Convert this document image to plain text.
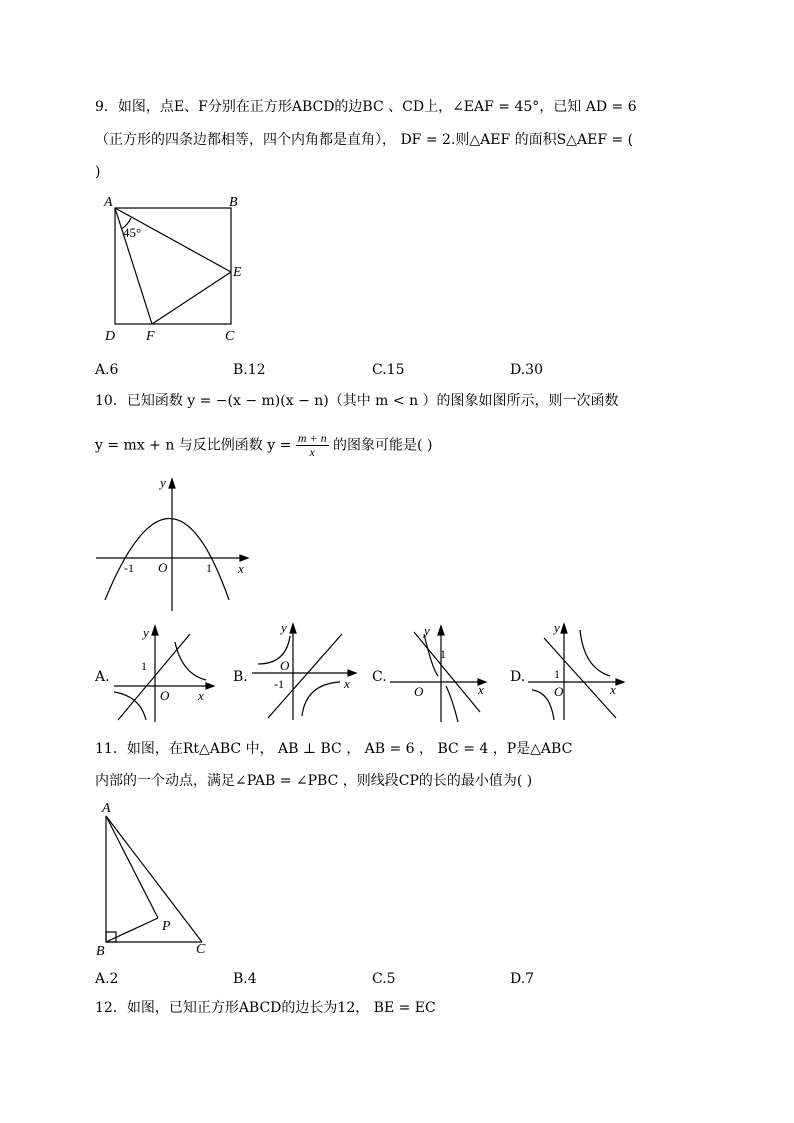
9．如图，点E、F分别在正方形ABCD的边BC 、CD上，∠EAF = 45°，已知 AD = 6
（正方形的四条边都相等，四个内角都是直角）， DF = 2.则△AEF 的面积S△AEF = (
)
A	B
E
D F	C
45°
A.6	B.12	C.15	D.30
10．已知函数 y = −(x − m)(x − n)（其中 m < n ）的图象如图所示，则一次函数
y = mx + n 与反比例函数 $y = \frac{m + n}{x}$ 的图象可能是( )
y
x
O
-1	1
A.
y
x
O
1
B.
y
x
O
-1	C.
y
x
O
1
D.
y
x
O
1
11．如图，在Rt△ABC 中， AB ⊥ BC ， AB = 6 ， BC = 4 ，P是△ABC
内部的一个动点，满足∠PAB = ∠PBC ，则线段CP的长的最小值为( )
A
B	C
P
A.2	B.4	C.5	D.7
12．如图，已知正方形ABCD的边长为12， BE = EC
